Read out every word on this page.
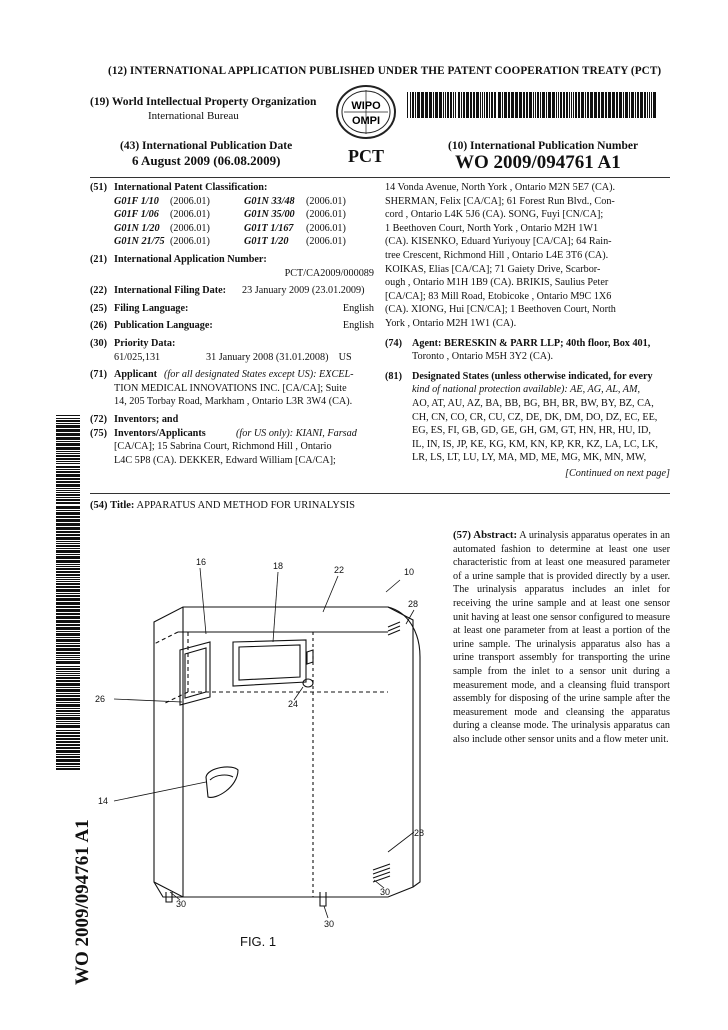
(12) INTERNATIONAL APPLICATION PUBLISHED UNDER THE PATENT COOPERATION TREATY (PCT)
(19) World Intellectual Property Organization
International Bureau
WIPO
OMPI
(43) International Publication Date
6 August 2009 (06.08.2009)	PCT	(10) International Publication Number
WO 2009/094761 A1
(51) International Patent Classification:
G01F 1/10 (2006.01)	G01N 33/48 (2006.01)
G01F 1/06 (2006.01)	G01N 35/00 (2006.01)
G01N 1/20 (2006.01)	G01T 1/167 (2006.01)
G01N 21/75 (2006.01)	G01T 1/20 (2006.01)
(21) International Application Number:
PCT/CA2009/000089
(22) International Filing Date: 23 January 2009 (23.01.2009)
(25) Filing Language:	English
(26) Publication Language:	English
(30) Priority Data:
61/025,131                  31 January 2008 (31.01.2008)    US
(71) Applicant (for all designated States except US): EXCEL-
TION MEDICAL INNOVATIONS INC. [CA/CA]; Suite
14, 205 Torbay Road, Markham , Ontario L3R 3W4 (CA).
(72) Inventors; and
(75) Inventors/Applicants	(for US only): KIANI, Farsad
[CA/CA]; 15 Sabrina Court, Richmond Hill , Ontario
L4C 5P8 (CA). DEKKER, Edward William [CA/CA];
14 Vonda Avenue, North York , Ontario M2N 5E7 (CA).
SHERMAN, Felix [CA/CA]; 61 Forest Run Blvd., Con-
cord , Ontario L4K 5J6 (CA). SONG, Fuyi [CN/CA];
1 Beethoven Court, North York , Ontario M2H 1W1
(CA). KISENKO, Eduard Yuriyouy [CA/CA]; 64 Rain-
tree Crescent, Richmond Hill , Ontario L4E 3T6 (CA).
KOIKAS, Elias [CA/CA]; 71 Gaiety Drive, Scarbor-
ough , Ontario M1H 1B9 (CA). BRIKIS, Saulius Peter
[CA/CA]; 83 Mill Road, Etobicoke , Ontario M9C 1X6
(CA). XIONG, Hui [CN/CA]; 1 Beethoven Court, North
York , Ontario M2H 1W1 (CA).
(74) Agent: BERESKIN & PARR LLP; 40th floor, Box 401,
Toronto , Ontario M5H 3Y2 (CA).
(81) Designated States (unless otherwise indicated, for every
kind of national protection available): AE, AG, AL, AM,
AO, AT, AU, AZ, BA, BB, BG, BH, BR, BW, BY, BZ, CA,
CH, CN, CO, CR, CU, CZ, DE, DK, DM, DO, DZ, EC, EE,
EG, ES, FI, GB, GD, GE, GH, GM, GT, HN, HR, HU, ID,
IL, IN, IS, JP, KE, KG, KM, KN, KP, KR, KZ, LA, LC, LK,
LR, LS, LT, LU, LY, MA, MD, ME, MG, MK, MN, MW,
[Continued on next page]
(54) Title: APPARATUS AND METHOD FOR URINALYSIS
(57) Abstract: A urinalysis apparatus operates in an automated fashion to determine at least one user characteristic from at least one measured parameter of a urine sample that is provided directly by a user. The urinalysis apparatus includes an inlet for receiving the urine sample and at least one sensor unit having at least one sensor configured to measure at least one parameter from at least a portion of the urine sample. The urinalysis apparatus also has a urine transport assembly for transporting the urine sample from the inlet to a sensor unit during a measurement mode, and a cleansing fluid transport assembly for disposing of the urine sample after the measurement mode and cleansing the apparatus during a cleanse mode. The urinalysis apparatus can also include other sensor units and a flow meter unit.
WO 2009/094761 A1
16	18	22	10
28
26	24
14
28
30
30
30
FIG. 1
